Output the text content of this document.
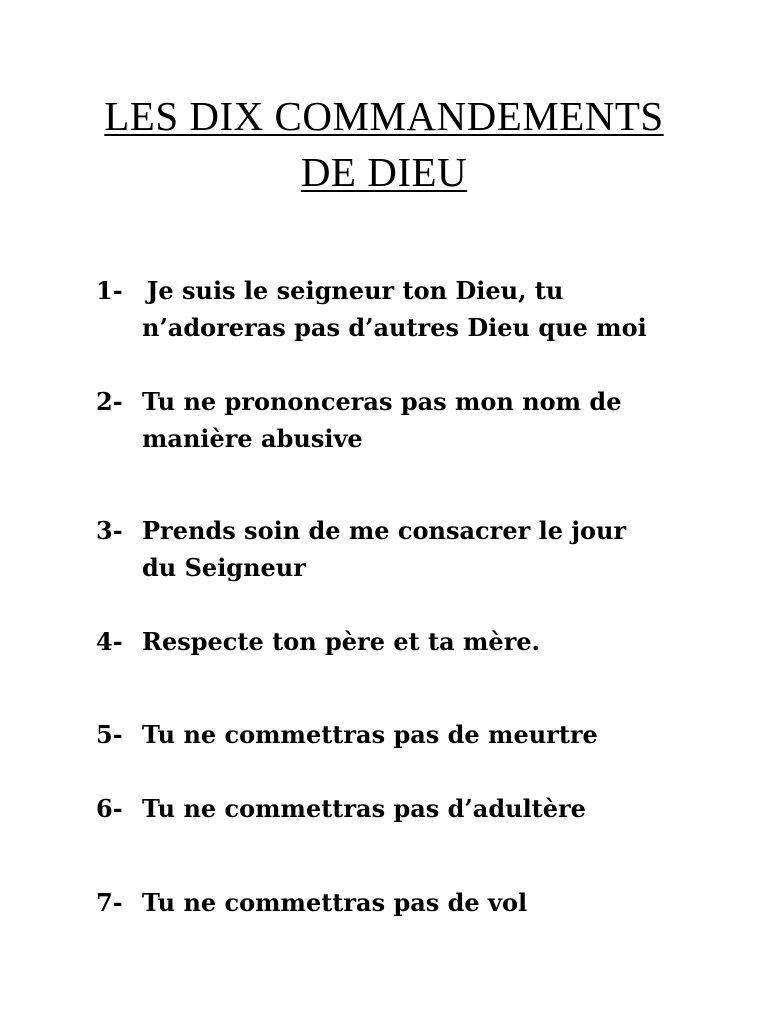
LES DIX COMMANDEMENTS

DE DIEU

1-	Je suis le seigneur ton Dieu, tu
n’adoreras pas d’autres Dieu que moi
2- Tu ne prononceras pas mon nom de
manière abusive
3- Prends soin de me consacrer le jour
du Seigneur
4- Respecte ton père et ta mère.
5- Tu ne commettras pas de meurtre
6- Tu ne commettras pas d’adultère
7- Tu ne commettras pas de vol
